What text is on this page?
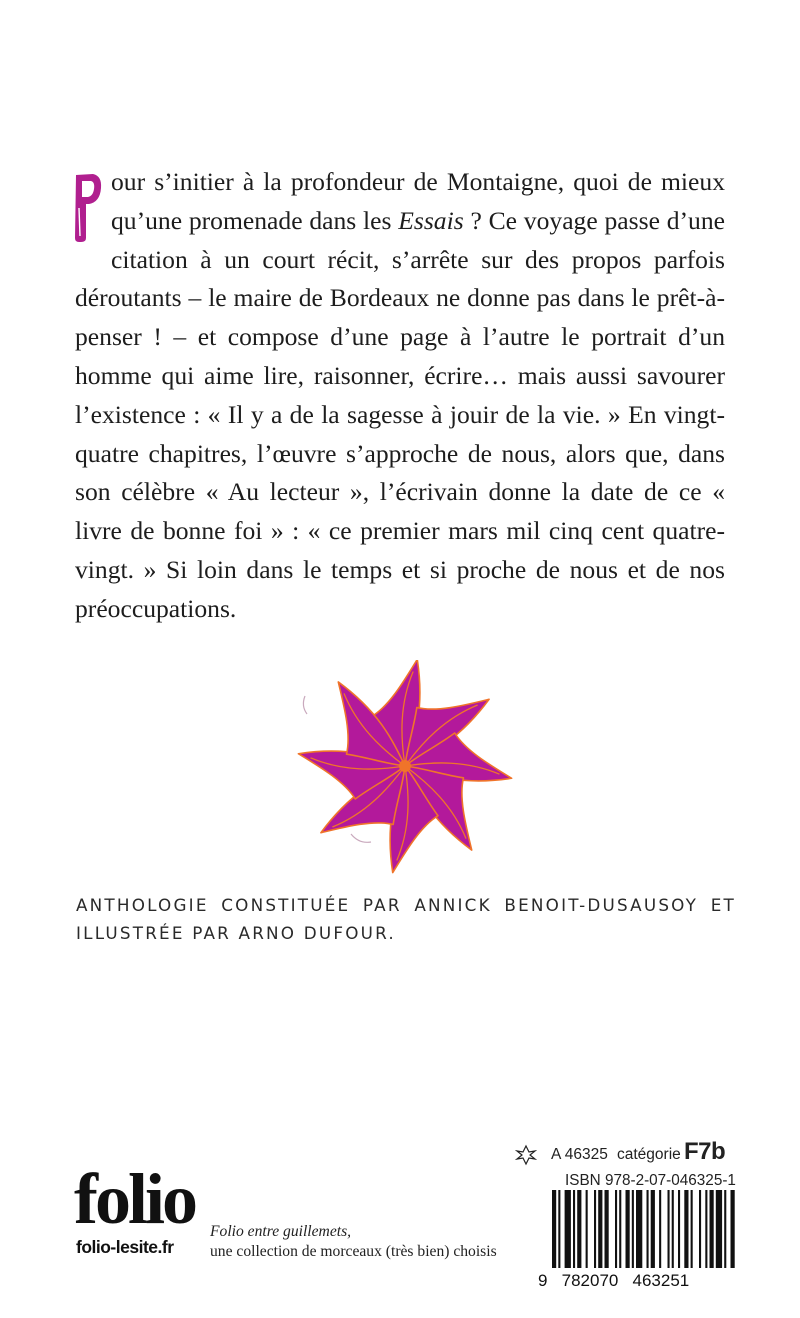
our s’initier à la profondeur de Montaigne, quoi de mieux qu’une promenade dans les Essais ? Ce voyage passe d’une citation à un court récit, s’arrête sur des propos parfois déroutants – le maire de Bordeaux ne donne pas dans le prêt-à-penser ! – et compose d’une page à l’autre le portrait d’un homme qui aime lire, raisonner, écrire… mais aussi savourer l’existence : « Il y a de la sagesse à jouir de la vie. » En vingt-quatre chapitres, l’œuvre s’approche de nous, alors que, dans son célèbre « Au lecteur », l’écrivain donne la date de ce « livre de bonne foi » : « ce premier mars mil cinq cent quatre-vingt. » Si loin dans le temps et si proche de nous et de nos préoccupations.

ANTHOLOGIE CONSTITUÉE PAR ANNICK BENOIT-DUSAUSOY ET ILLUSTRÉE PAR ARNO DUFOUR.

A 46325 catégorie F7b
ISBN 978-2-07-046325-1
9   782070   463251
folio
folio-lesite.fr
Folio entre guillemets,
une collection de morceaux (très bien) choisis
